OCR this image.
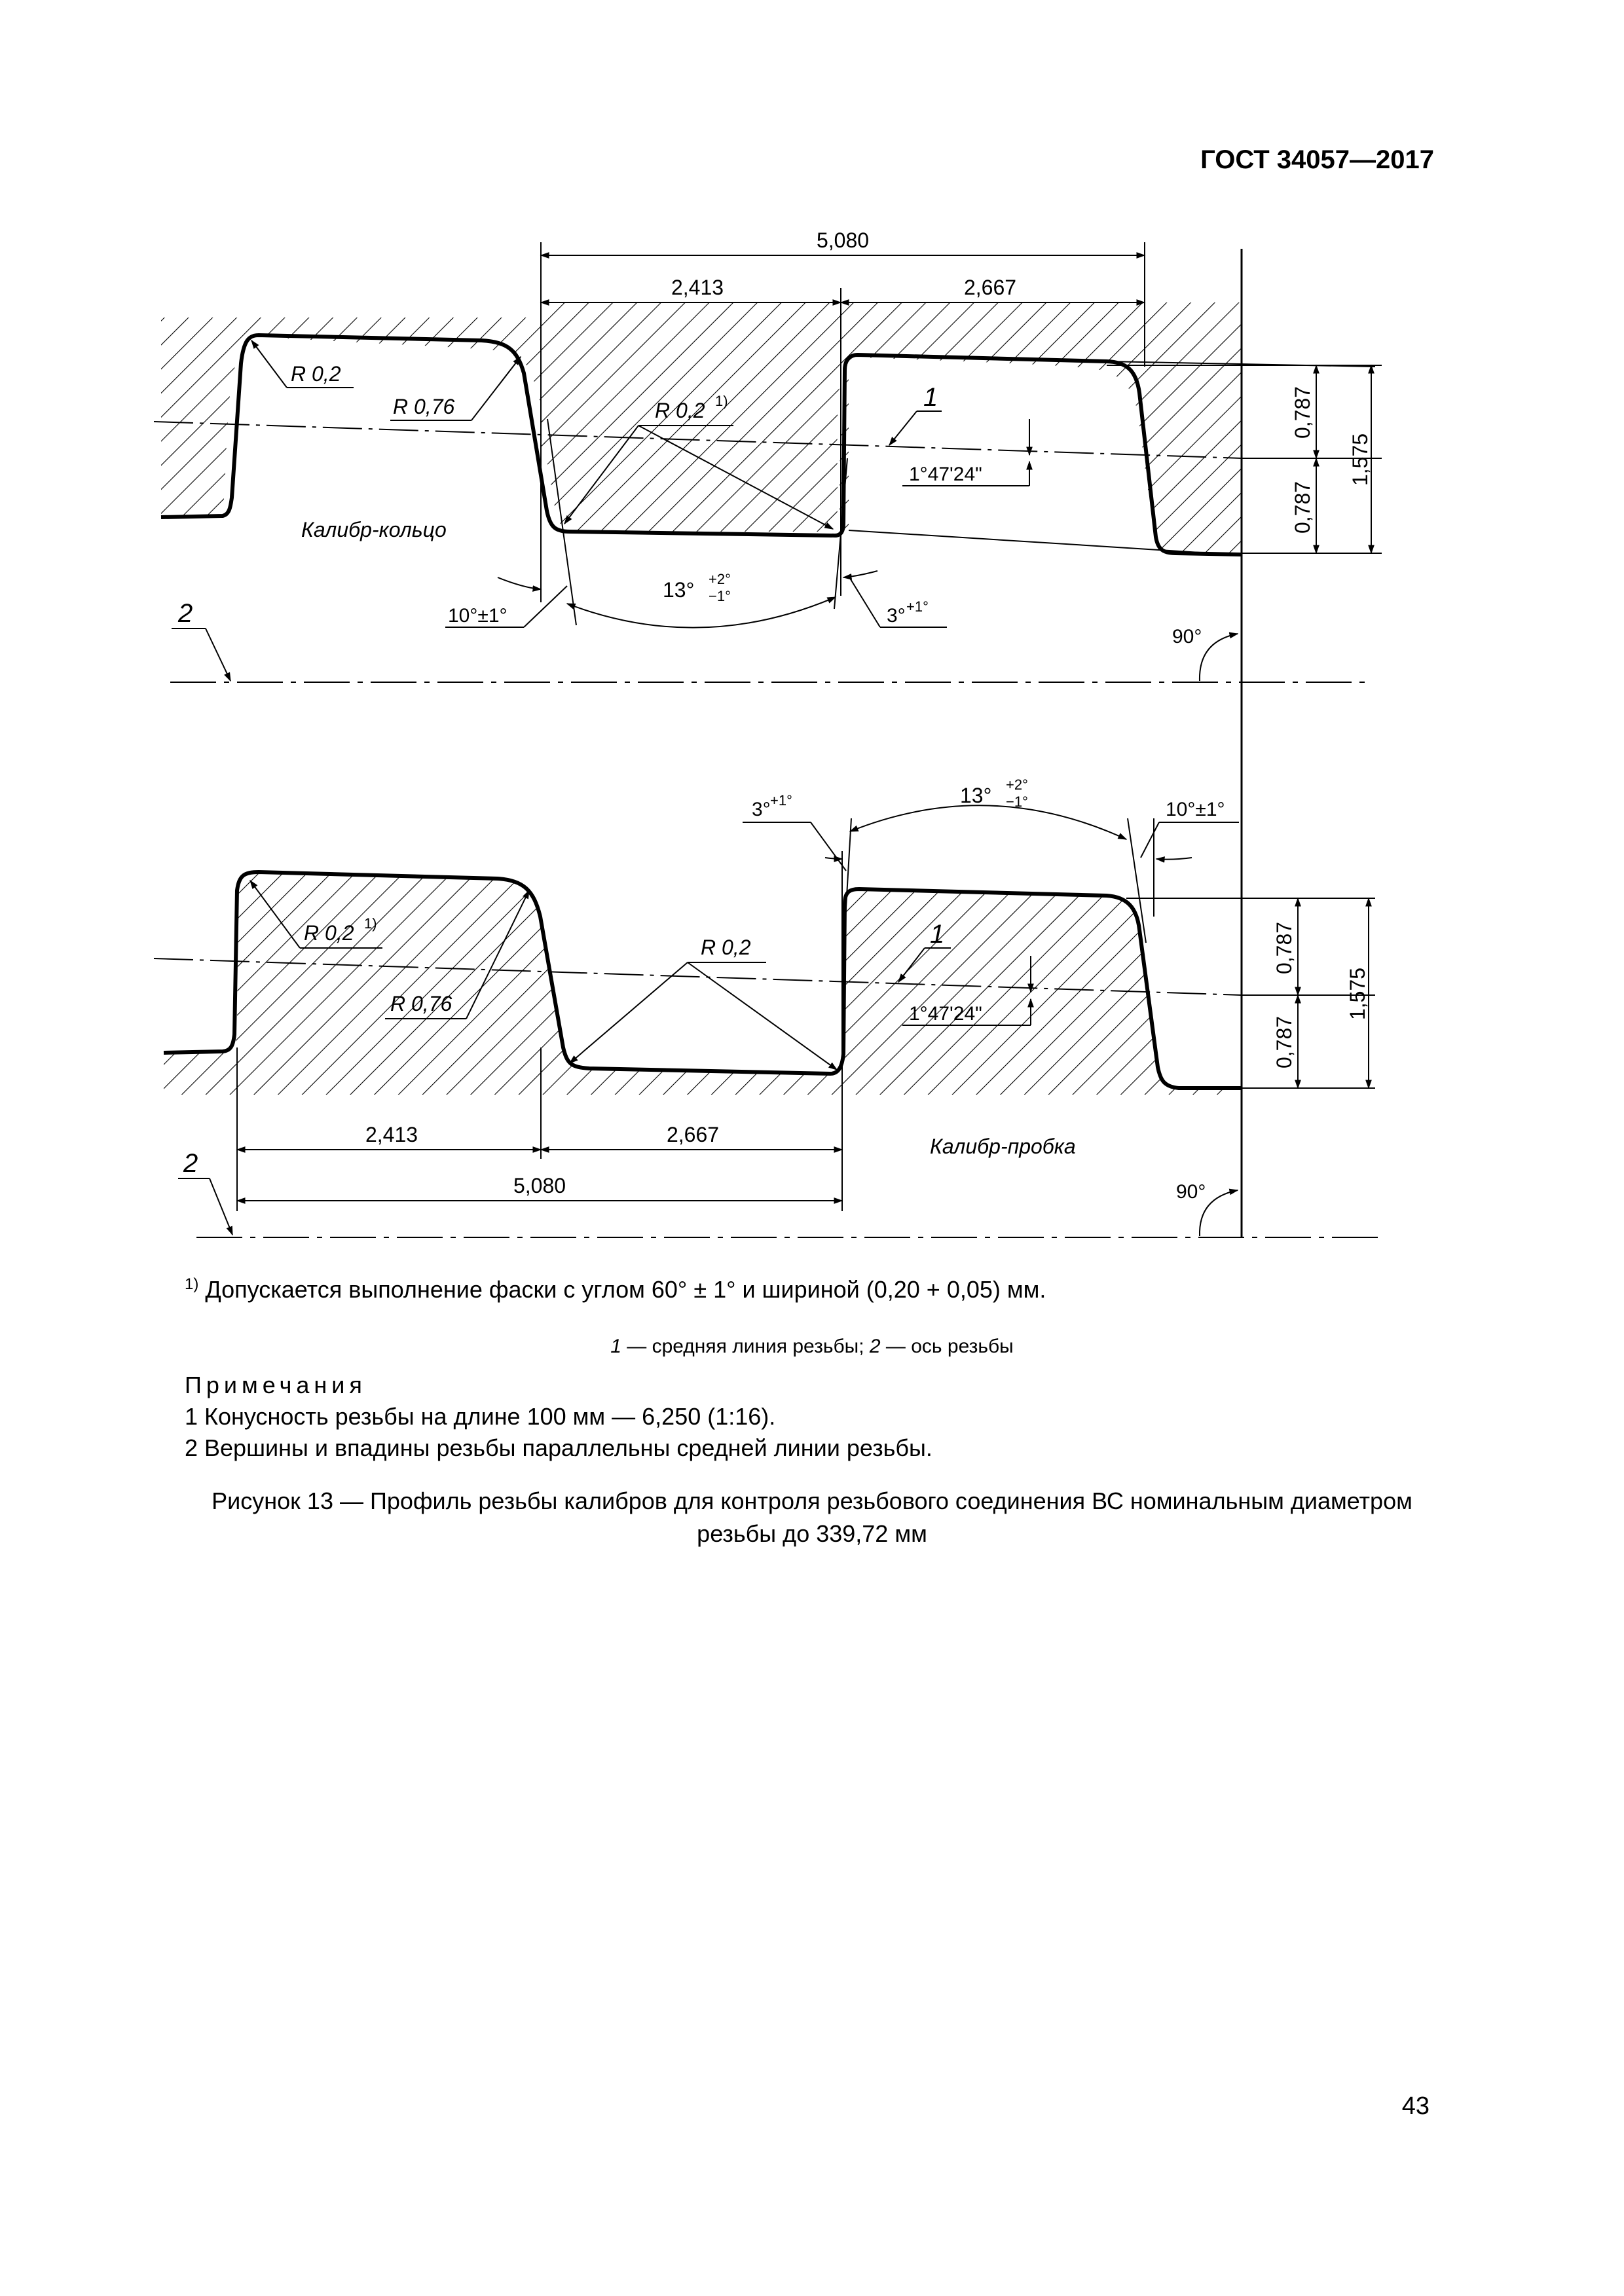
ГОСТ 34057—2017
5,080
2,413	2,667
1,575
0,787
0,787
R 0,2
R 0,76	R 0,2 1)	1
1°47'24"
Калибр-кольцо
10°±1°	3° +1°
13° +2°
−1°
2
90°
1,575
0,787
0,787
2,413	2,667
5,080
R 0,2 1)
R 0,76
R 0,2	1
1°47'24"
3° +1°	10°±1°
13° +2°
−1°
Калибр-пробка
2
90°
$^{1)}$ Допускается выполнение фаски с углом 60° ± 1° и шириной (0,20 + 0,05) мм.
1 — средняя линия резьбы; 2 — ось резьбы
Примечания
1 Конусность резьбы на длине 100 мм — 6,250 (1:16).
2 Вершины и впадины резьбы параллельны средней линии резьбы.
Рисунок 13 — Профиль резьбы калибров для контроля резьбового соединения ВС номинальным диаметром
резьбы до 339,72 мм
43
